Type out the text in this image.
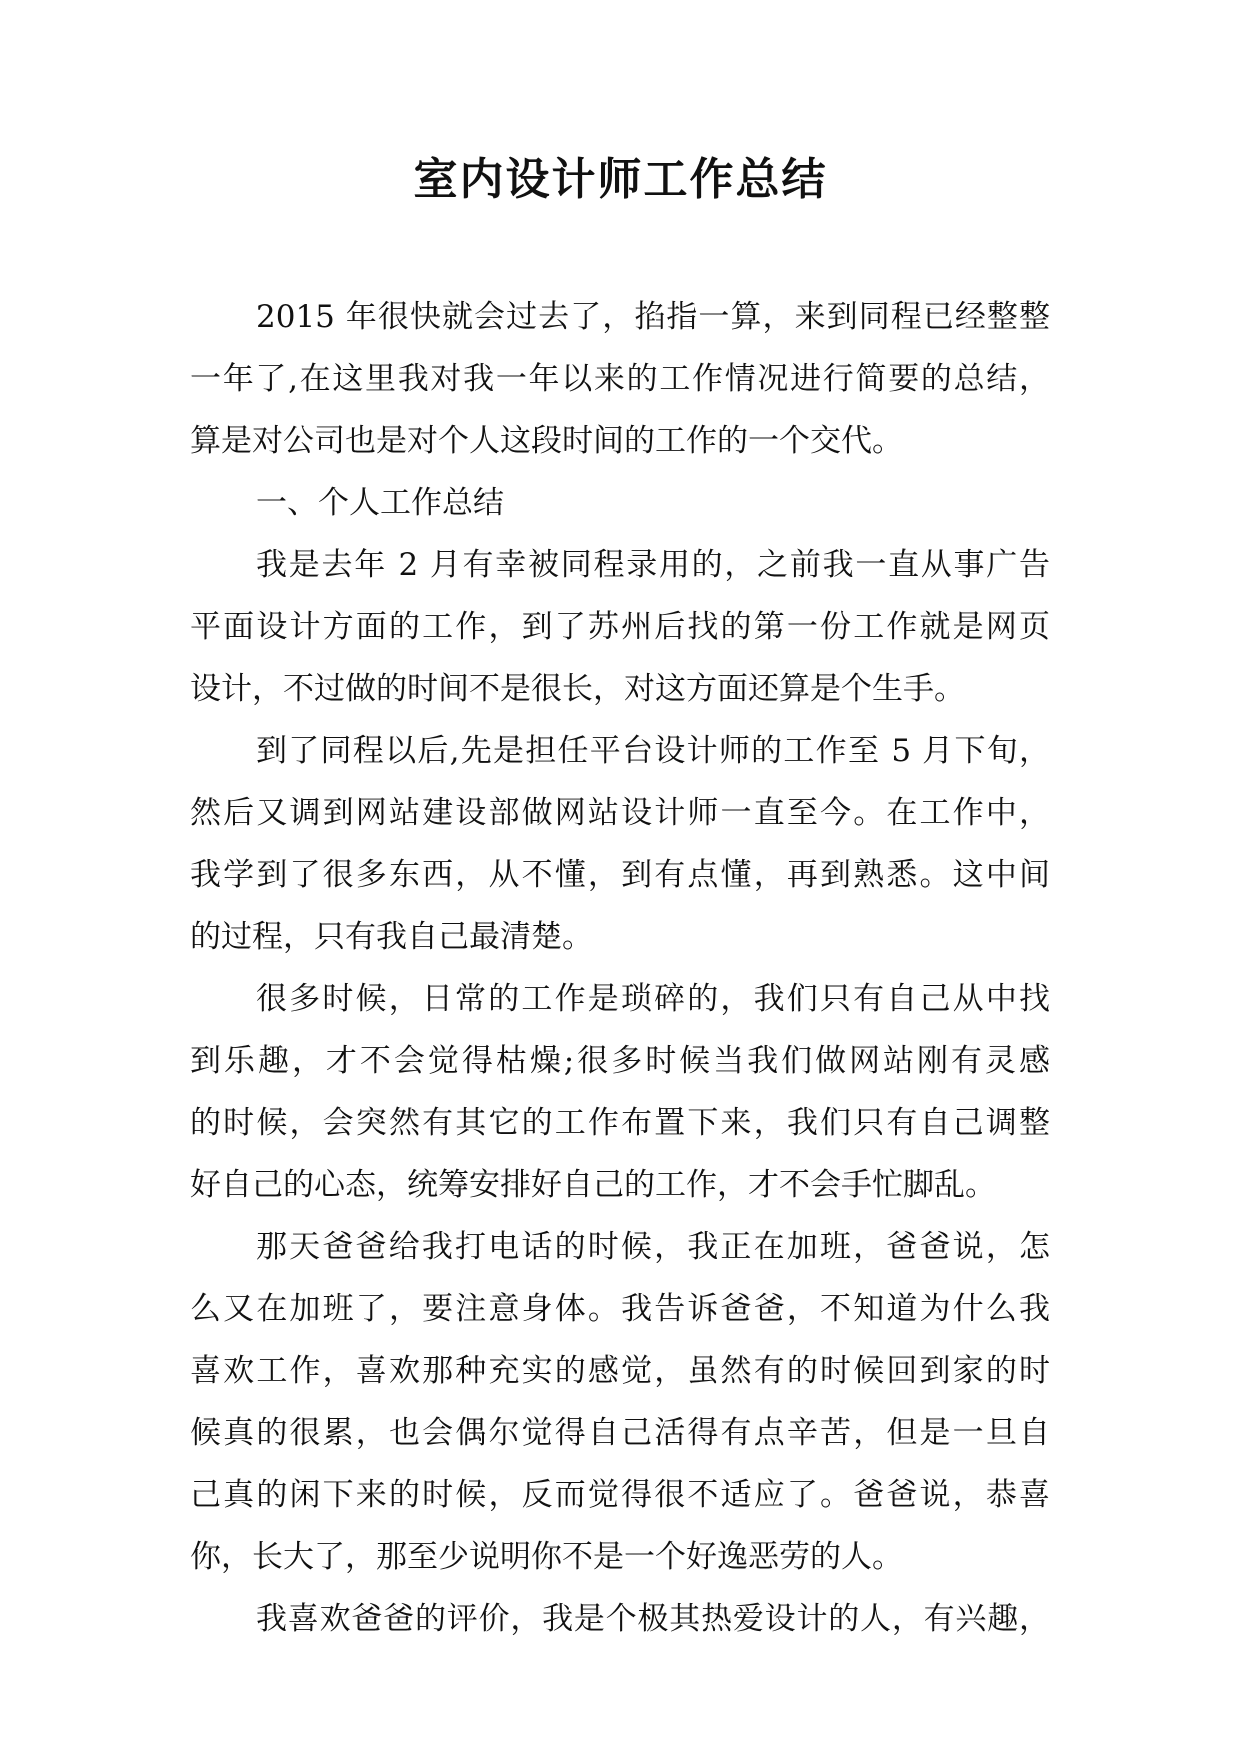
室内设计师工作总结
2015 年很快就会过去了，掐指一算，来到同程已经整整
一年了,在这里我对我一年以来的工作情况进行简要的总结，
算是对公司也是对个人这段时间的工作的一个交代。
一、个人工作总结
我是去年 2 月有幸被同程录用的，之前我一直从事广告
平面设计方面的工作，到了苏州后找的第一份工作就是网页
设计，不过做的时间不是很长，对这方面还算是个生手。
到了同程以后,先是担任平台设计师的工作至 5 月下旬，
然后又调到网站建设部做网站设计师一直至今。在工作中，
我学到了很多东西，从不懂，到有点懂，再到熟悉。这中间
的过程，只有我自己最清楚。
很多时候，日常的工作是琐碎的，我们只有自己从中找
到乐趣，才不会觉得枯燥;很多时候当我们做网站刚有灵感
的时候，会突然有其它的工作布置下来，我们只有自己调整
好自己的心态，统筹安排好自己的工作，才不会手忙脚乱。
那天爸爸给我打电话的时候，我正在加班，爸爸说，怎
么又在加班了，要注意身体。我告诉爸爸，不知道为什么我
喜欢工作，喜欢那种充实的感觉，虽然有的时候回到家的时
候真的很累，也会偶尔觉得自己活得有点辛苦，但是一旦自
己真的闲下来的时候，反而觉得很不适应了。爸爸说，恭喜
你，长大了，那至少说明你不是一个好逸恶劳的人。
我喜欢爸爸的评价，我是个极其热爱设计的人，有兴趣，
